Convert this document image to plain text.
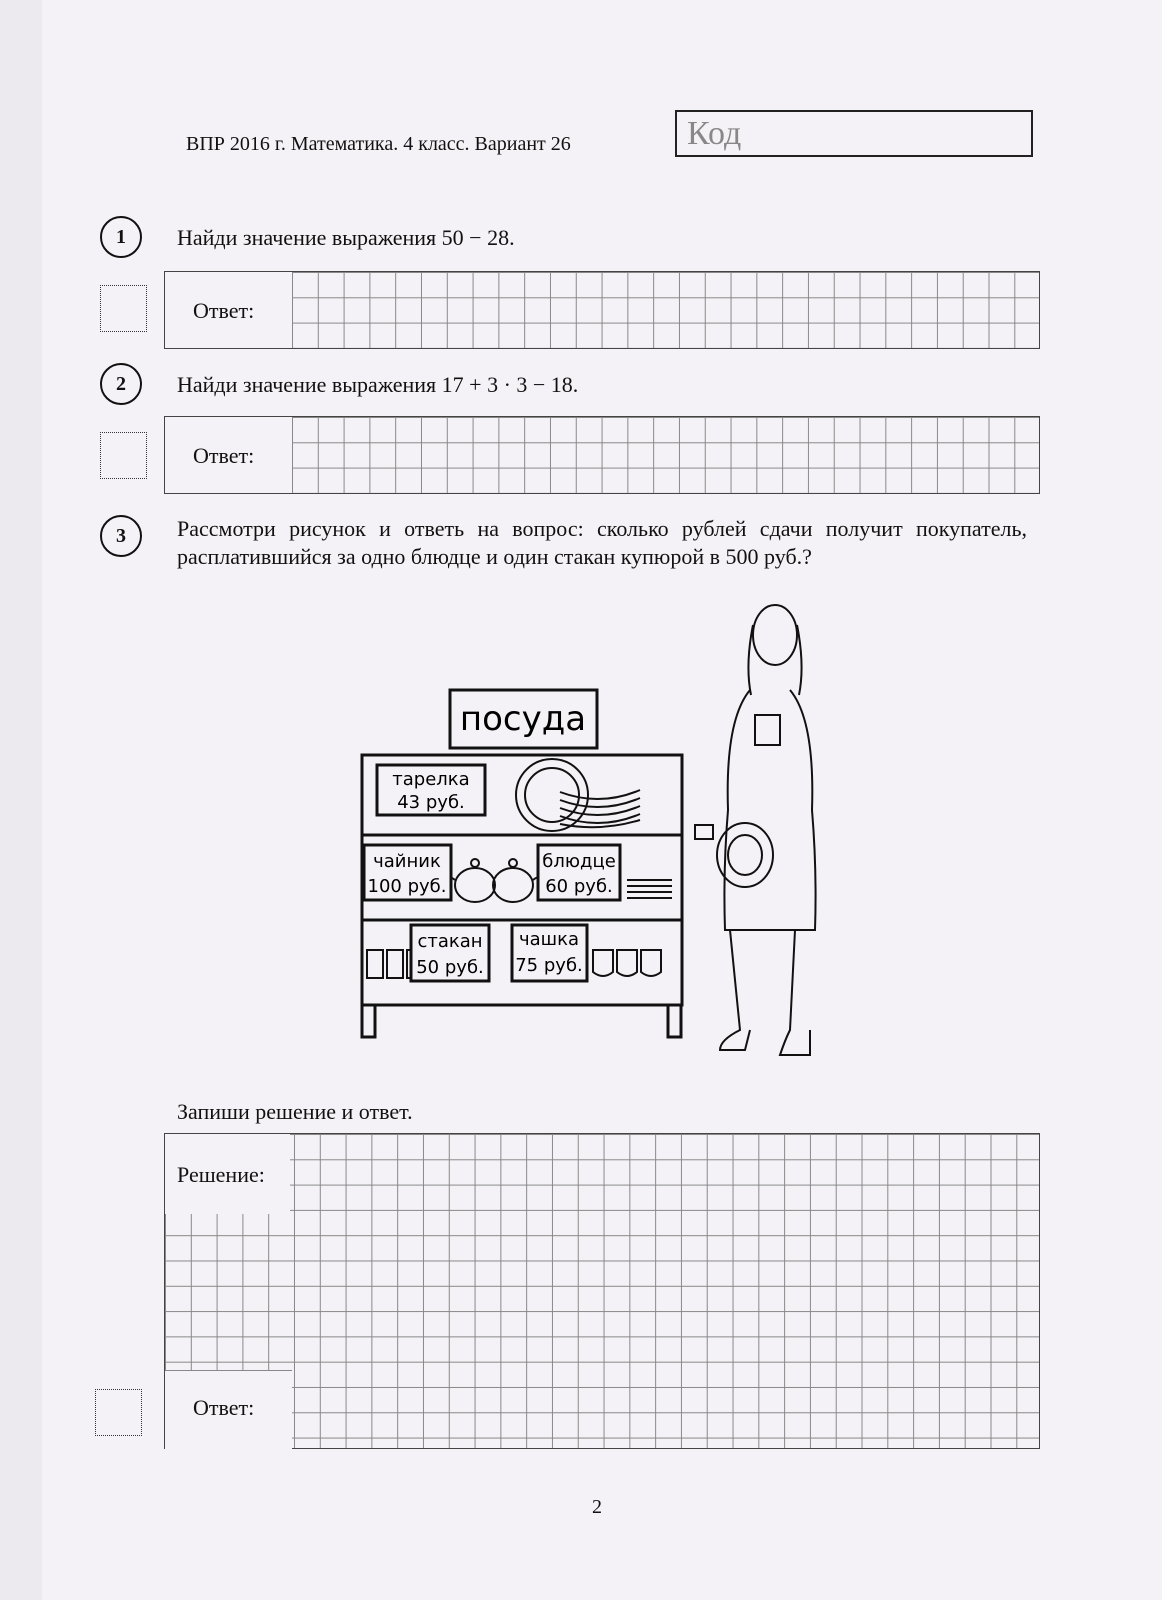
ВПР 2016 г. Математика. 4 класс. Вариант 26	Код
1	Найди значение выражения 50 − 28.
Ответ:
2	Найди значение выражения 17 + 3 · 3 − 18.
Ответ:
3	Рассмотри рисунок и ответь на вопрос: сколько рублей сдачи получит покупатель, расплатившийся за одно блюдце и один стакан купюрой в 500 руб.?
посуда
тарелка
43 руб.
чайник
100 руб.
блюдце
60 руб.
стакан
50 руб.
чашка
75 руб.
Запиши решение и ответ.
Решение:
Ответ:
2
